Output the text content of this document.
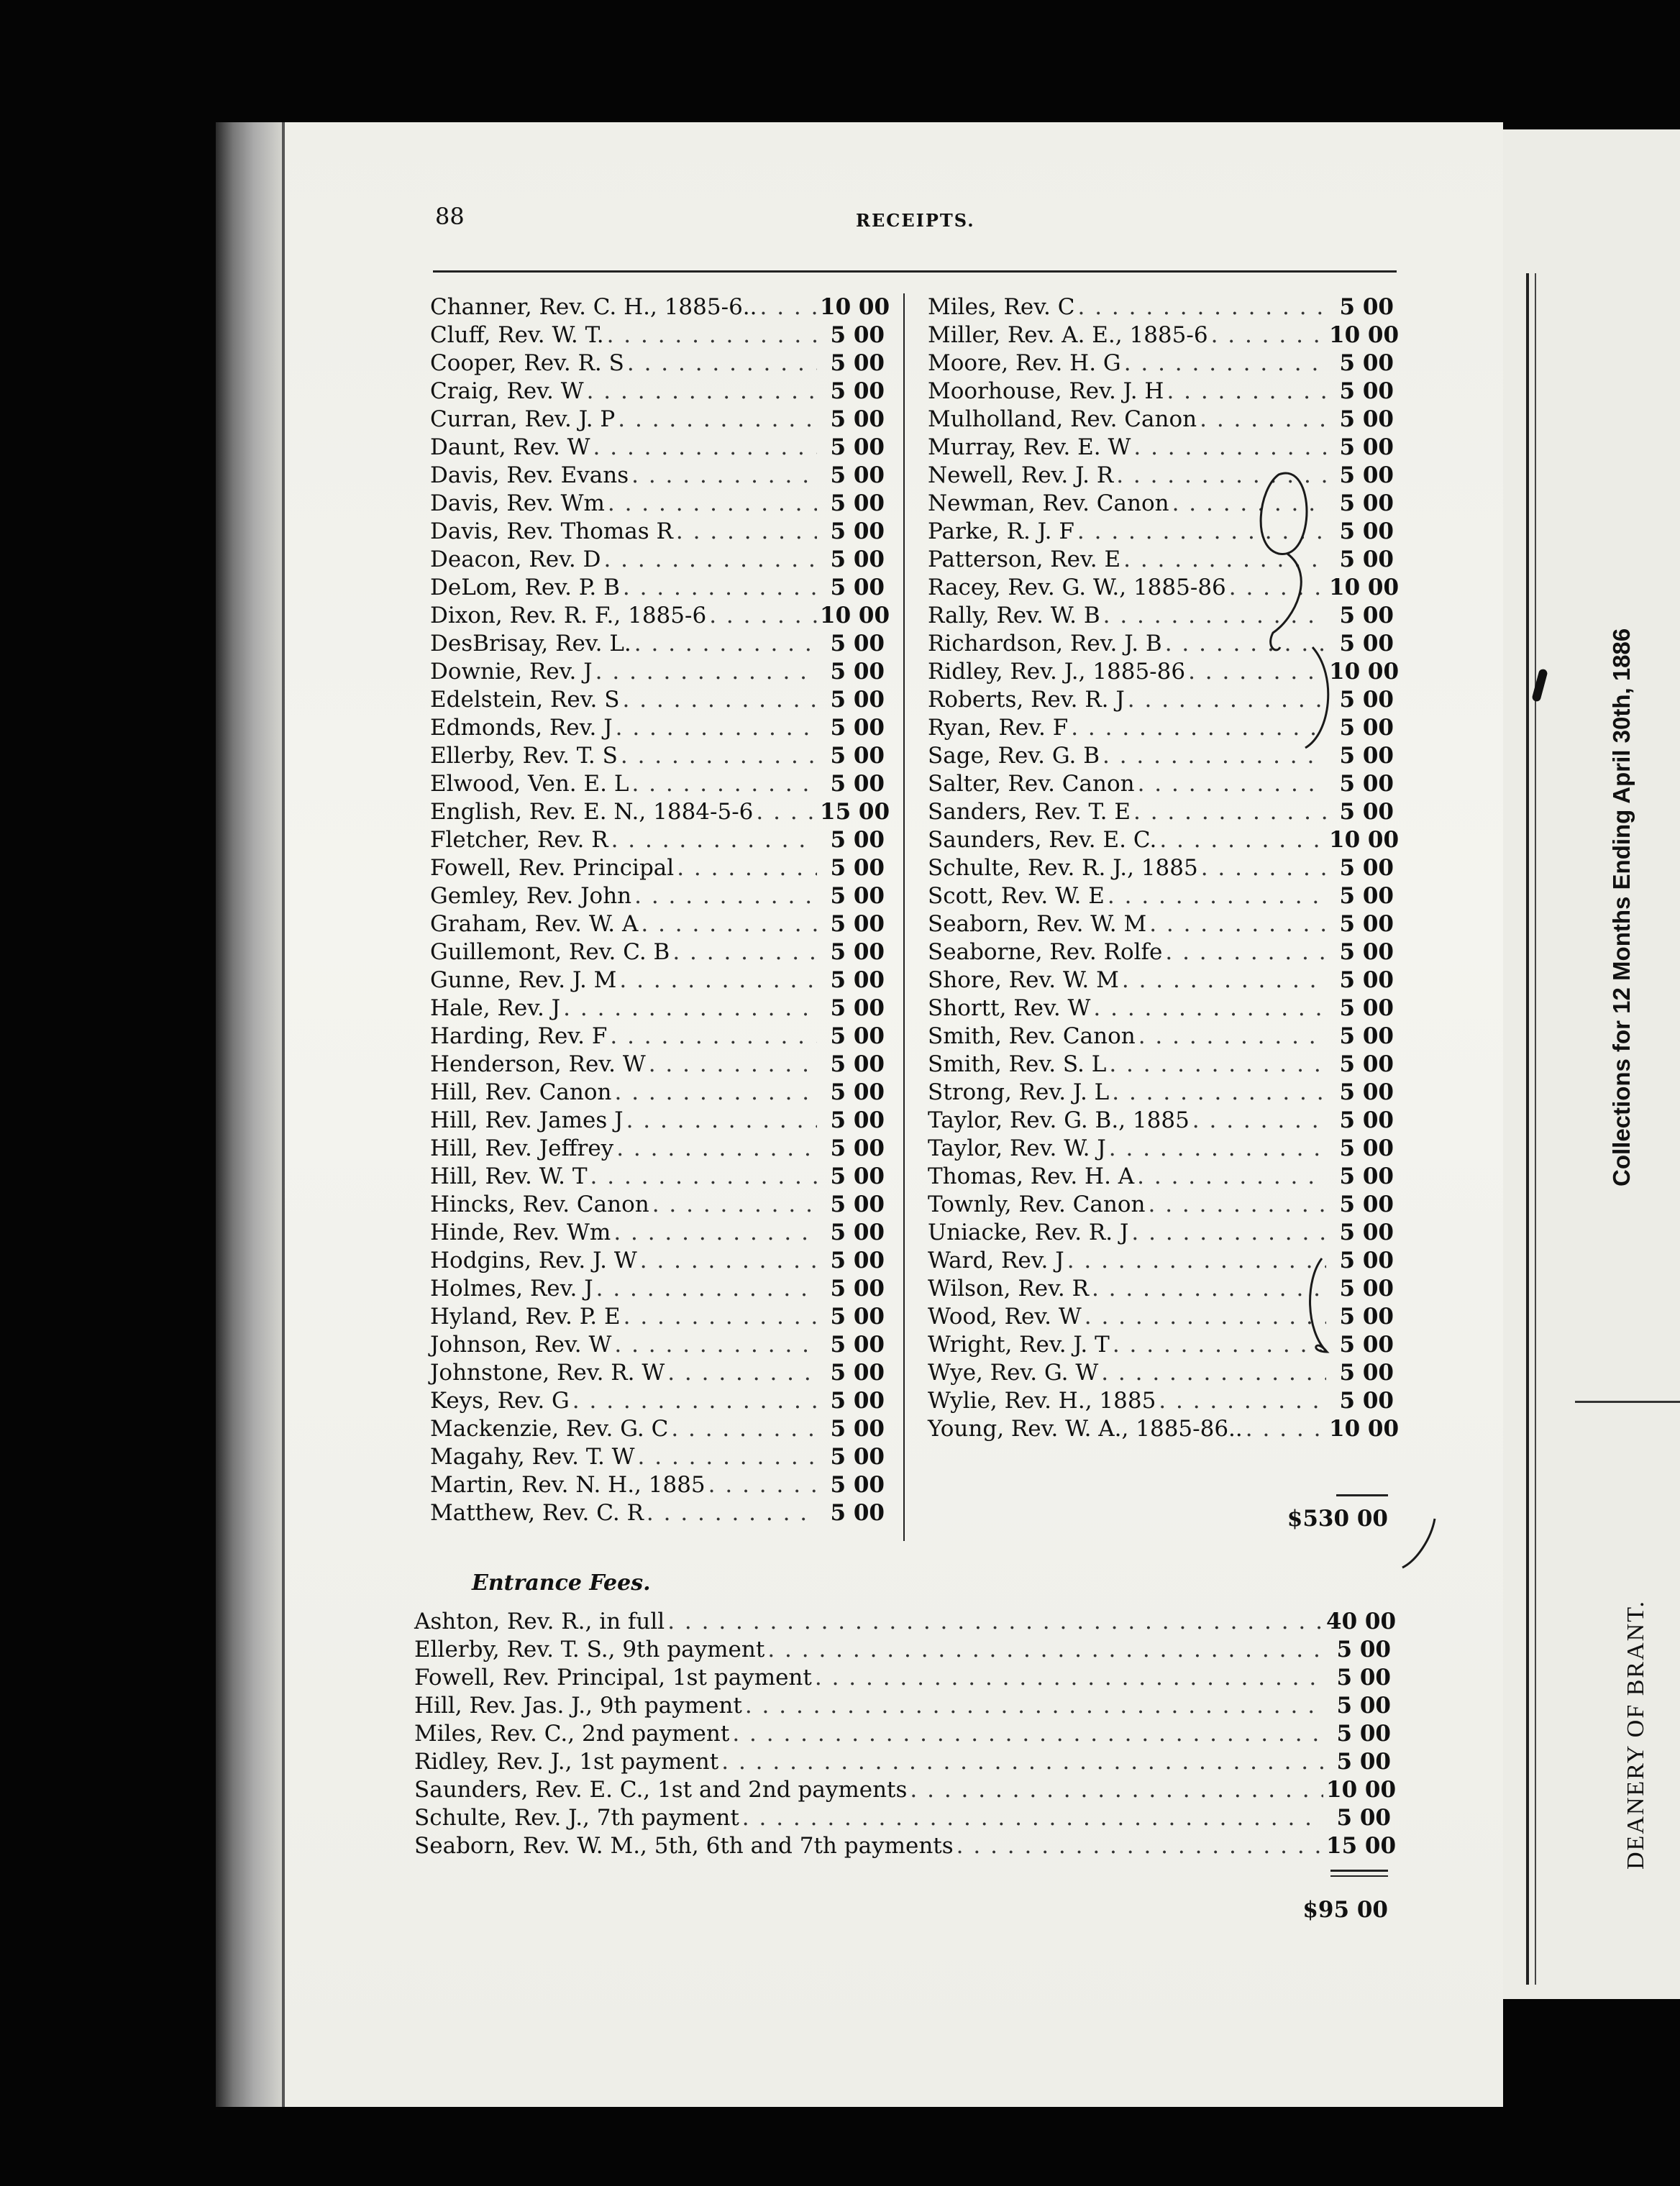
Collections for 12 Months Ending April 30th, 1886
DEANERY OF BRANT.
88	RECEIPTS.
Channer, Rev. C. H., 1885-6.. . . .	10 00
Cluff, Rev. W. T. . . .	5 00
Cooper, Rev. R. S . . .	5 00
Craig, Rev. W . . .	5 00
Curran, Rev. J. P . . .	5 00
Daunt, Rev. W . . .	5 00
Davis, Rev. Evans . . .	5 00
Davis, Rev. Wm . . .	5 00
Davis, Rev. Thomas R . . .	5 00
Deacon, Rev. D . . .	5 00
DeLom, Rev. P. B . . .	5 00
Dixon, Rev. R. F., 1885-6 . . .	10 00
DesBrisay, Rev. L. . . .	5 00
Downie, Rev. J . . .	5 00
Edelstein, Rev. S . . .	5 00
Edmonds, Rev. J . . .	5 00
Ellerby, Rev. T. S . . .	5 00
Elwood, Ven. E. L . . .	5 00
English, Rev. E. N., 1884-5-6 . . .	15 00
Fletcher, Rev. R . . .	5 00
Fowell, Rev. Principal . . .	5 00
Gemley, Rev. John . . .	5 00
Graham, Rev. W. A . . .	5 00
Guillemont, Rev. C. B . . .	5 00
Gunne, Rev. J. M . . .	5 00
Hale, Rev. J . . .	5 00
Harding, Rev. F . . .	5 00
Henderson, Rev. W . . .	5 00
Hill, Rev. Canon . . .	5 00
Hill, Rev. James J . . .	5 00
Hill, Rev. Jeffrey . . .	5 00
Hill, Rev. W. T . . .	5 00
Hincks, Rev. Canon . . .	5 00
Hinde, Rev. Wm . . .	5 00
Hodgins, Rev. J. W . . .	5 00
Holmes, Rev. J . . .	5 00
Hyland, Rev. P. E . . .	5 00
Johnson, Rev. W . . .	5 00
Johnstone, Rev. R. W . . .	5 00
Keys, Rev. G . . .	5 00
Mackenzie, Rev. G. C . . .	5 00
Magahy, Rev. T. W . . .	5 00
Martin, Rev. N. H., 1885 . . .	5 00
Matthew, Rev. C. R . . .	5 00
Miles, Rev. C . . .	5 00
Miller, Rev. A. E., 1885-6 . . .	10 00
Moore, Rev. H. G . . .	5 00
Moorhouse, Rev. J. H . . .	5 00
Mulholland, Rev. Canon . . .	5 00
Murray, Rev. E. W . . .	5 00
Newell, Rev. J. R . . .	5 00
Newman, Rev. Canon . . .	5 00
Parke, R. J. F . . .	5 00
Patterson, Rev. E . . .	5 00
Racey, Rev. G. W., 1885-86 . . .	10 00
Rally, Rev. W. B . . .	5 00
Richardson, Rev. J. B . . .	5 00
Ridley, Rev. J., 1885-86 . . .	10 00
Roberts, Rev. R. J . . .	5 00
Ryan, Rev. F . . .	5 00
Sage, Rev. G. B . . .	5 00
Salter, Rev. Canon . . .	5 00
Sanders, Rev. T. E . . .	5 00
Saunders, Rev. E. C. . . .	10 00
Schulte, Rev. R. J., 1885 . . .	5 00
Scott, Rev. W. E . . .	5 00
Seaborn, Rev. W. M . . .	5 00
Seaborne, Rev. Rolfe . . .	5 00
Shore, Rev. W. M . . .	5 00
Shortt, Rev. W . . .	5 00
Smith, Rev. Canon . . .	5 00
Smith, Rev. S. L . . .	5 00
Strong, Rev. J. L . . .	5 00
Taylor, Rev. G. B., 1885 . . .	5 00
Taylor, Rev. W. J . . .	5 00
Thomas, Rev. H. A . . .	5 00
Townly, Rev. Canon . . .	5 00
Uniacke, Rev. R. J . . .	5 00
Ward, Rev. J . . .	5 00
Wilson, Rev. R . . .	5 00
Wood, Rev. W . . .	5 00
Wright, Rev. J. T . . .	5 00
Wye, Rev. G. W . . .	5 00
Wylie, Rev. H., 1885 . . .	5 00
Young, Rev. W. A., 1885-86.. . . .	10 00
$530 00
Entrance Fees.
Ashton, Rev. R., in full . . .	40 00
Ellerby, Rev. T. S., 9th payment . . .	5 00
Fowell, Rev. Principal, 1st payment . . .	5 00
Hill, Rev. Jas. J., 9th payment . . .	5 00
Miles, Rev. C., 2nd payment . . .	5 00
Ridley, Rev. J., 1st payment . . .	5 00
Saunders, Rev. E. C., 1st and 2nd payments . . .	10 00
Schulte, Rev. J., 7th payment . . .	5 00
Seaborn, Rev. W. M., 5th, 6th and 7th payments . . .	15 00
$95 00
